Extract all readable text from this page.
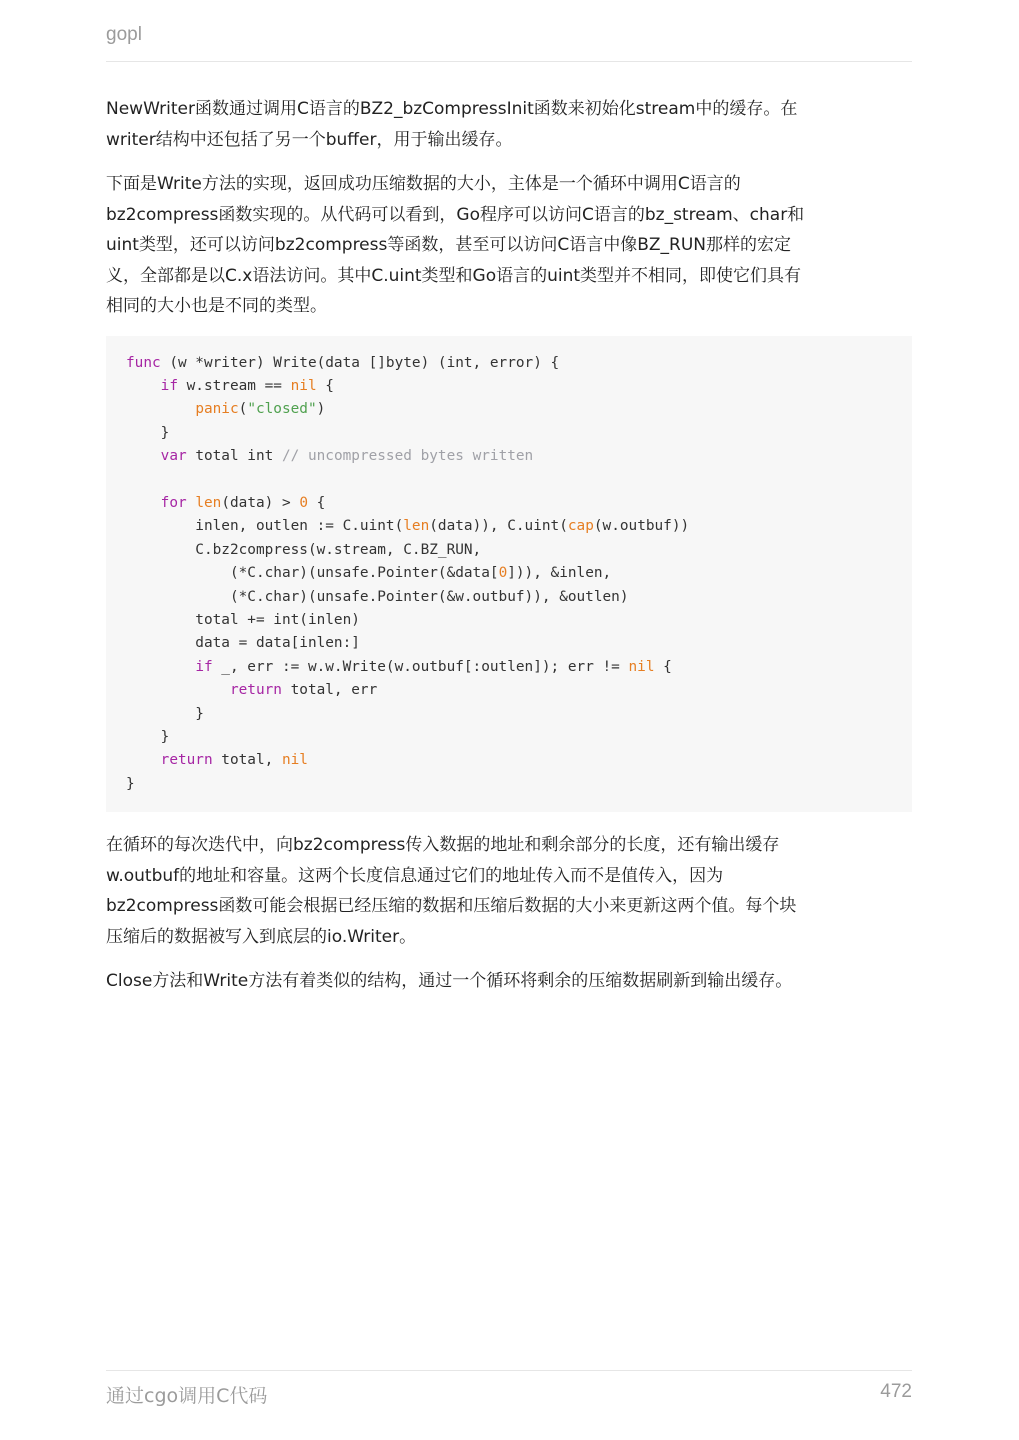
gopl

NewWriter函数通过调用C语言的BZ2_bzCompressInit函数来初始化stream中的缓存。在
writer结构中还包括了另一个buffer，用于输出缓存。

下面是Write方法的实现，返回成功压缩数据的大小，主体是一个循环中调用C语言的
bz2compress函数实现的。从代码可以看到，Go程序可以访问C语言的bz_stream、char和
uint类型，还可以访问bz2compress等函数，甚至可以访问C语言中像BZ_RUN那样的宏定
义，全部都是以C.x语法访问。其中C.uint类型和Go语言的uint类型并不相同，即使它们具有
相同的大小也是不同的类型。

func (w *writer) Write(data []byte) (int, error) {
if w.stream == nil {
panic("closed")
}
var total int // uncompressed bytes written

for len(data) > 0 {
inlen, outlen := C.uint(len(data)), C.uint(cap(w.outbuf))
C.bz2compress(w.stream, C.BZ_RUN,
(*C.char)(unsafe.Pointer(&data[0])), &inlen,
(*C.char)(unsafe.Pointer(&w.outbuf)), &outlen)
total += int(inlen)
data = data[inlen:]
if _, err := w.w.Write(w.outbuf[:outlen]); err != nil {
return total, err
}
}
return total, nil
}

在循环的每次迭代中，向bz2compress传入数据的地址和剩余部分的长度，还有输出缓存
w.outbuf的地址和容量。这两个长度信息通过它们的地址传入而不是值传入，因为
bz2compress函数可能会根据已经压缩的数据和压缩后数据的大小来更新这两个值。每个块
压缩后的数据被写入到底层的io.Writer。

Close方法和Write方法有着类似的结构，通过一个循环将剩余的压缩数据刷新到输出缓存。

通过cgo调用C代码	472
